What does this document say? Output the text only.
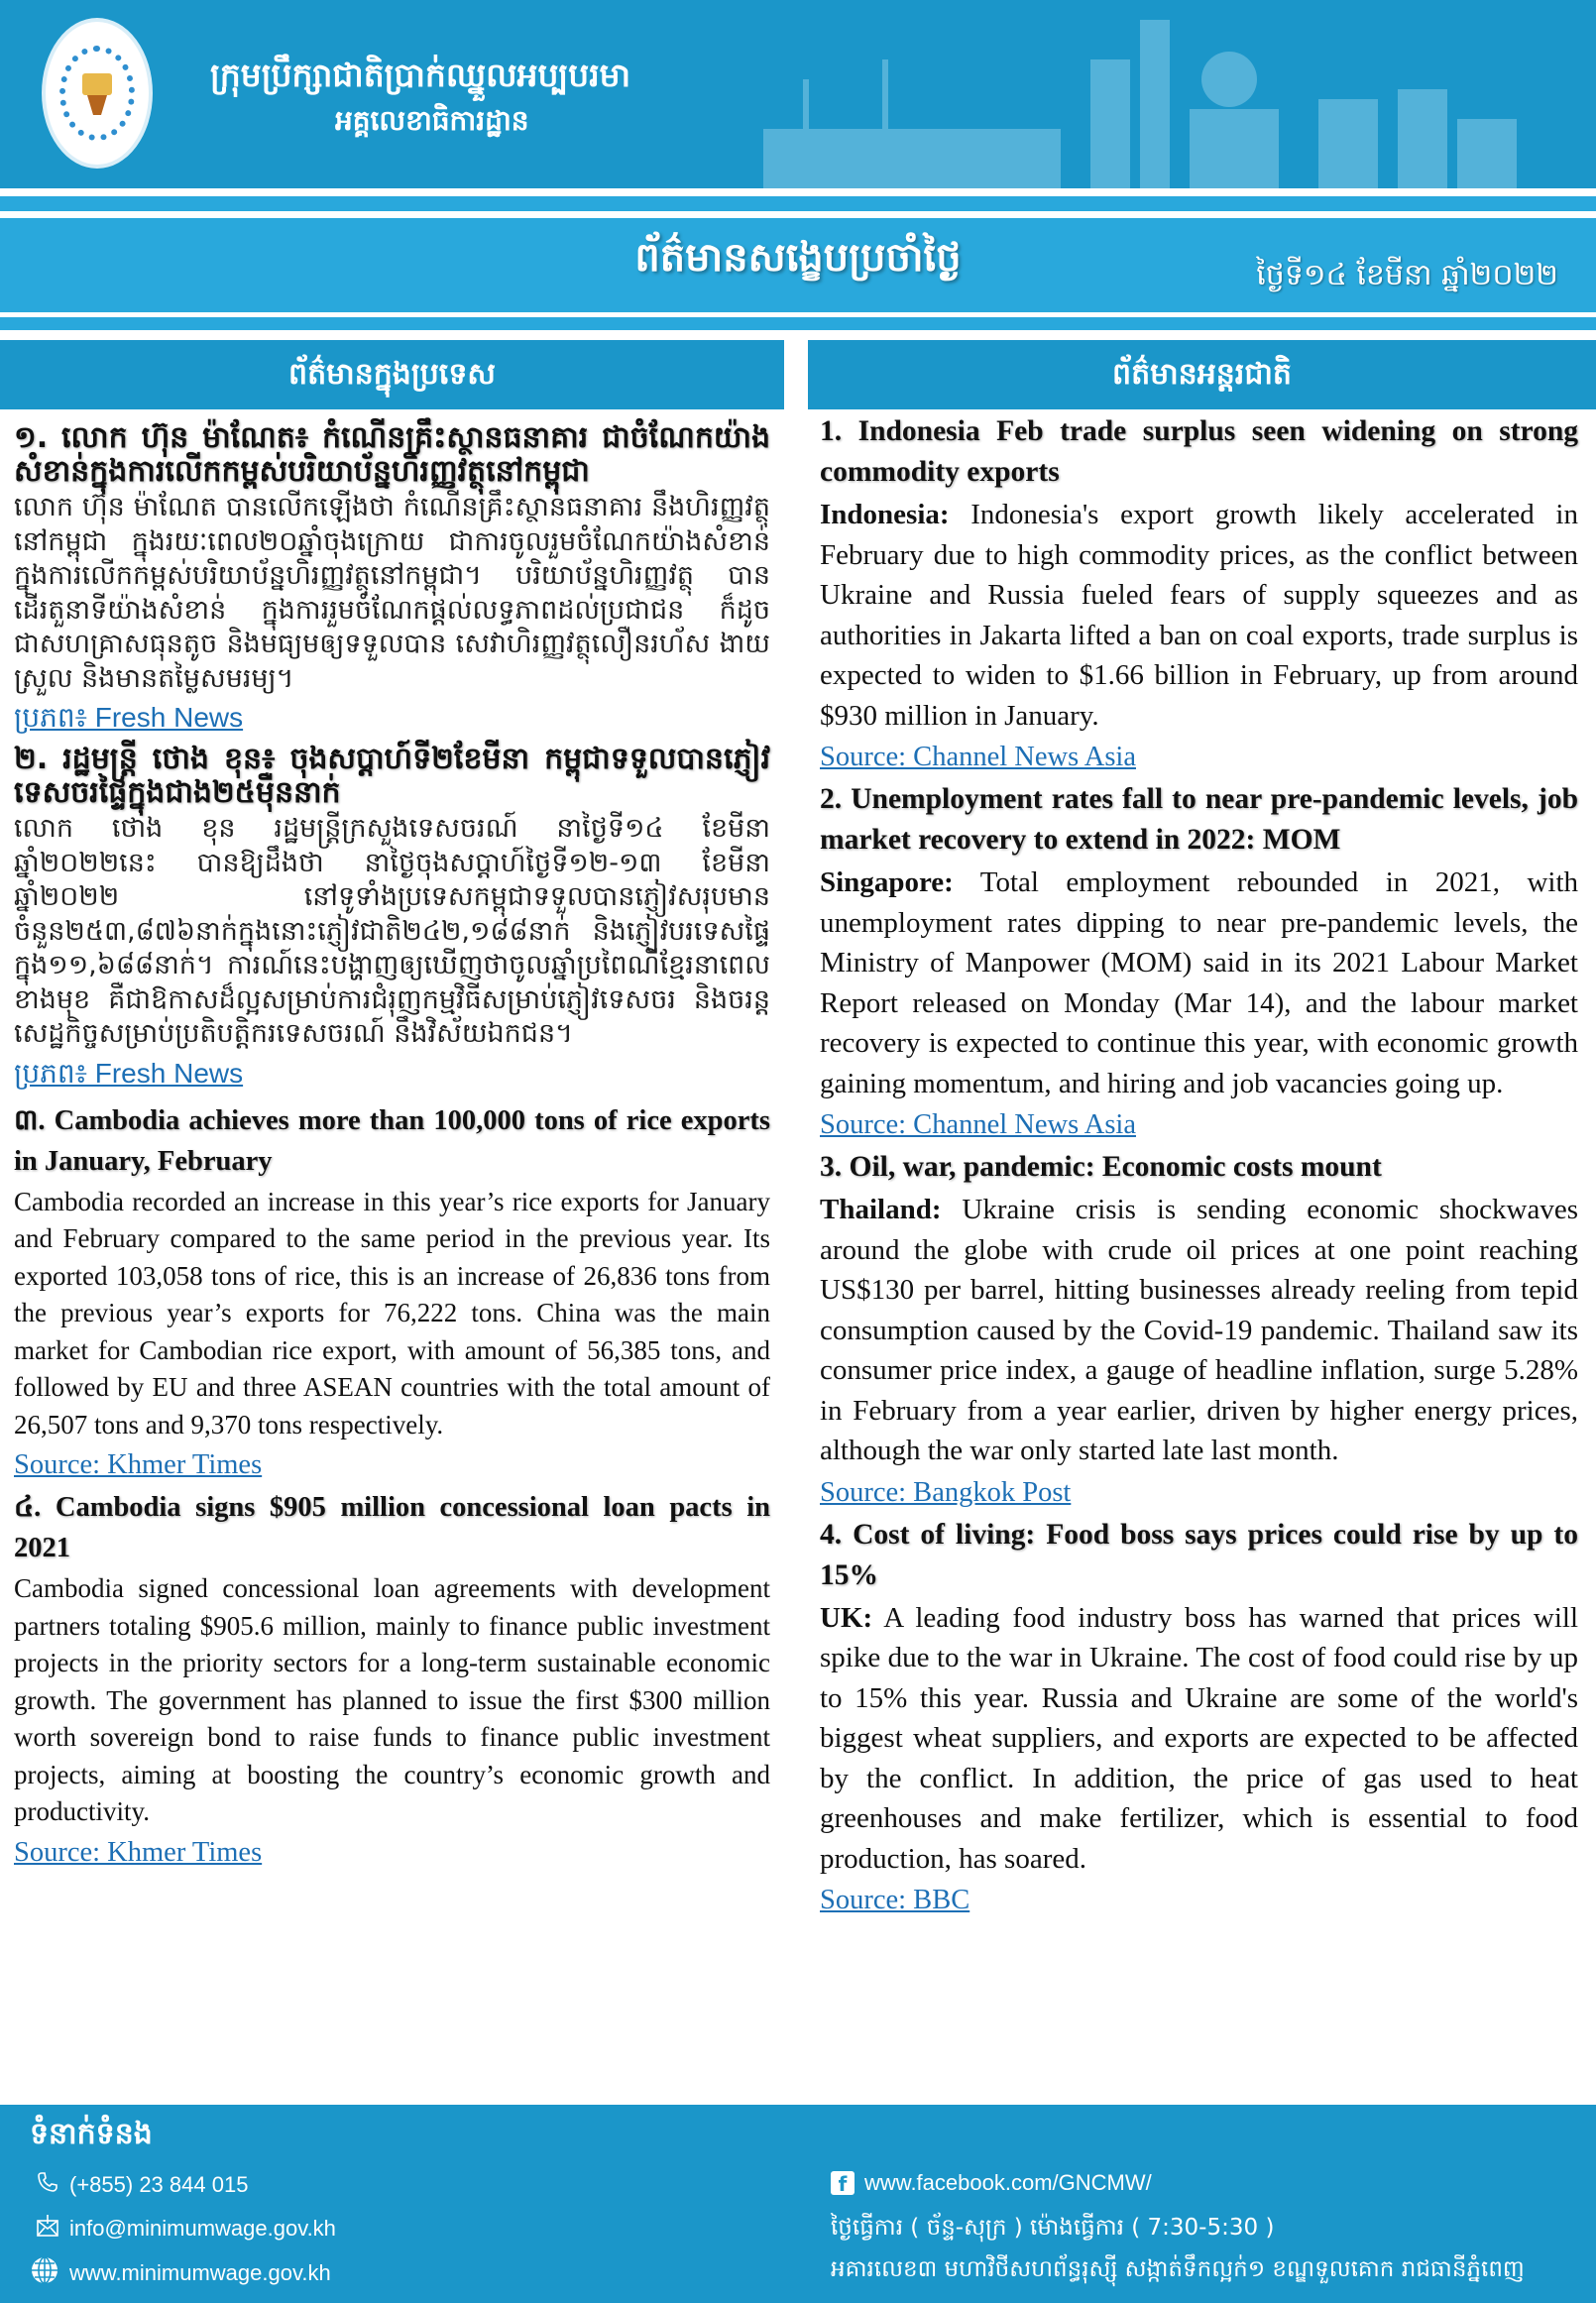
ក្រុមប្រឹក្សាជាតិប្រាក់ឈ្នួលអប្បបរមា
អគ្គលេខាធិការដ្ឋាន
ព័ត៌មានសង្ខេបប្រចាំថ្ងៃ	ថ្ងៃទី១៤ ខែមីនា ឆ្នាំ២០២២
ព័ត៌មានក្នុងប្រទេស
១. លោក ហ៊ុន ម៉ាណែត៖ កំណើនគ្រឹះស្ថានធនាគារ ជាចំណែកយ៉ាងសំខាន់ក្នុងការលើកកម្ពស់បរិយាប័ន្នហិរញ្ញវត្ថុនៅកម្ពុជា

លោក ហ៊ុន ម៉ាណែត បានលើកឡើងថា កំណើនគ្រឹះស្ថានធនាគារ នឹងហិរញ្ញវត្ថុនៅកម្ពុជា ក្នុងរយៈពេល២០ឆ្នាំចុងក្រោយ ជាការចូលរួមចំណែកយ៉ាងសំខាន់ ក្នុងការលើកកម្ពស់បរិយាប័ន្នហិរញ្ញវត្ថុនៅកម្ពុជា។ បរិយាប័ន្នហិរញ្ញវត្ថុ បានដើរតួនាទីយ៉ាងសំខាន់ ក្នុងការរួមចំណែកផ្តល់លទ្ធភាពដល់ប្រជាជន ក៏ដូចជាសហគ្រាសធុនតូច និងមធ្យមឲ្យទទួលបាន សេវាហិរញ្ញវត្ថុលឿនរហ័ស ងាយស្រួល និងមានតម្លៃសមរម្យ។

ប្រភព៖ Fresh News
២. រដ្ឋមន្ត្រី ថោង ខុន៖ ចុងសប្តាហ៍ទី២ខែមីនា កម្ពុជាទទួលបានភ្ញៀវទេសចរផ្ទៃក្នុងជាង២៥ម៉ឺននាក់

លោក ថោង ខុន រដ្ឋមន្ត្រីក្រសួងទេសចរណ៍ នាថ្ងៃទី១៤ ខែមីនា ឆ្នាំ២០២២នេះ បានឱ្យដឹងថា នាថ្ងៃចុងសប្តាហ៍ថ្ងៃទី១២-១៣ ខែមីនា ឆ្នាំ២០២២ នៅទូទាំងប្រទេសកម្ពុជាទទួលបានភ្ញៀវសរុបមានចំនួន២៥៣,៨៧៦នាក់ក្នុងនោះភ្ញៀវជាតិ២៤២,១៨៨នាក់ និងភ្ញៀវបរទេសផ្ទៃក្នុង១១,៦៨៨នាក់។ ការណ៍នេះបង្ហាញឲ្យឃើញថាចូលឆ្នាំប្រពៃណីខ្មែរនាពេលខាងមុខ គឺជាឱកាសដ៏ល្អសម្រាប់ការជំរុញកម្មវិធីសម្រាប់ភ្ញៀវទេសចរ និងចរន្តសេដ្ឋកិច្ចសម្រាប់ប្រតិបត្តិករទេសចរណ៍ នឹងវិស័យឯកជន។

ប្រភព៖ Fresh News
៣. Cambodia achieves more than 100,000 tons of rice exports in January, February

Cambodia recorded an increase in this year’s rice exports for January and February compared to the same period in the previous year. Its exported 103,058 tons of rice, this is an increase of 26,836 tons from the previous year’s exports for 76,222 tons. China was the main market for Cambodian rice export, with amount of 56,385 tons, and followed by EU and three ASEAN countries with the total amount of 26,507 tons and 9,370 tons respectively.

Source: Khmer Times
៤. Cambodia signs $905 million concessional loan pacts in 2021

Cambodia signed concessional loan agreements with development partners totaling $905.6 million, mainly to finance public investment projects in the priority sectors for a long-term sustainable economic growth. The government has planned to issue the first $300 million worth sovereign bond to raise funds to finance public investment projects, aiming at boosting the country’s economic growth and productivity.

Source: Khmer Times
ព័ត៌មានអន្តរជាតិ
1. Indonesia Feb trade surplus seen widening on strong commodity exports

Indonesia: Indonesia's export growth likely accelerated in February due to high commodity prices, as the conflict between Ukraine and Russia fueled fears of supply squeezes and as authorities in Jakarta lifted a ban on coal exports, trade surplus is expected to widen to $1.66 billion in February, up from around $930 million in January.

Source: Channel News Asia
2. Unemployment rates fall to near pre-pandemic levels, job market recovery to extend in 2022: MOM

Singapore: Total employment rebounded in 2021, with unemployment rates dipping to near pre-pandemic levels, the Ministry of Manpower (MOM) said in its 2021 Labour Market Report released on Monday (Mar 14), and the labour market recovery is expected to continue this year, with economic growth gaining momentum, and hiring and job vacancies going up.

Source: Channel News Asia
3. Oil, war, pandemic: Economic costs mount

Thailand: Ukraine crisis is sending economic shockwaves around the globe with crude oil prices at one point reaching US$130 per barrel, hitting businesses already reeling from tepid consumption caused by the Covid-19 pandemic. Thailand saw its consumer price index, a gauge of headline inflation, surge 5.28% in February from a year earlier, driven by higher energy prices, although the war only started late last month.

Source: Bangkok Post
4. Cost of living: Food boss says prices could rise by up to 15%

UK: A leading food industry boss has warned that prices will spike due to the war in Ukraine. The cost of food could rise by up to 15% this year. Russia and Ukraine are some of the world's biggest wheat suppliers, and exports are expected to be affected by the conflict. In addition, the price of gas used to heat greenhouses and make fertilizer, which is essential to food production, has soared.

Source: BBC
ទំនាក់ទំនង
(+855) 23 844 015
info@minimumwage.gov.kh
www.minimumwage.gov.kh
f www.facebook.com/GNCMW/
ថ្ងៃធ្វើការ ( ច័ន្ទ-សុក្រ ) ម៉ោងធ្វើការ ( 7:30-5:30 )
អគារលេខ៣ មហាវិថីសហព័ន្ធរុស្ស៊ី សង្កាត់ទឹកល្អក់១ ខណ្ឌទួលគោក រាជធានីភ្នំពេញ
